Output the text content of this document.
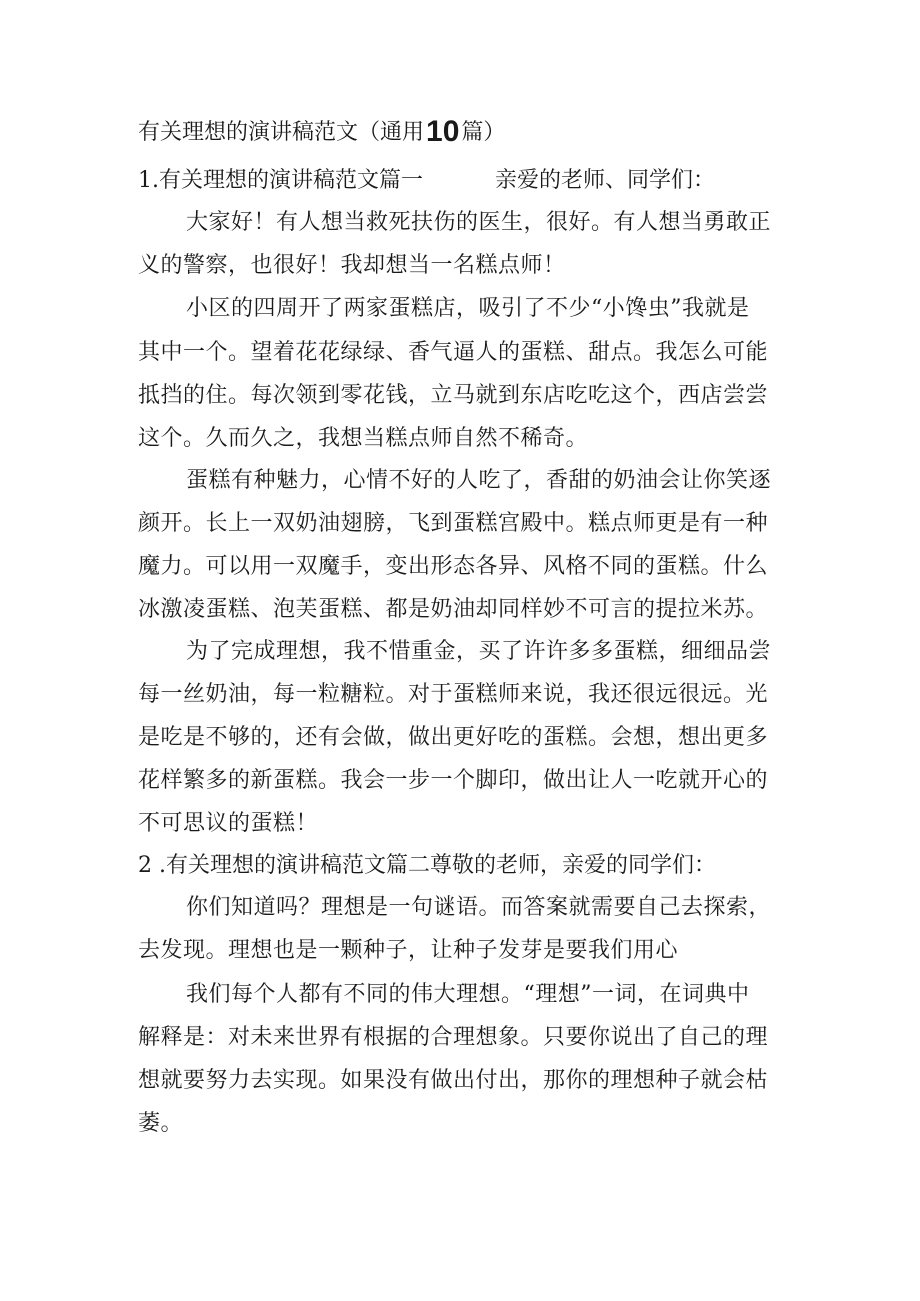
有关理想的演讲稿范文（通用10篇）
1.有关理想的演讲稿范文篇一	亲爱的老师、同学们：
大家好！有人想当救死扶伤的医生，很好。有人想当勇敢正
义的警察，也很好！我却想当一名糕点师！
小区的四周开了两家蛋糕店，吸引了不少“小馋虫”我就是
其中一个。望着花花绿绿、香气逼人的蛋糕、甜点。我怎么可能
抵挡的住。每次领到零花钱，立马就到东店吃吃这个，西店尝尝
这个。久而久之，我想当糕点师自然不稀奇。
蛋糕有种魅力，心情不好的人吃了，香甜的奶油会让你笑逐
颜开。长上一双奶油翅膀，飞到蛋糕宫殿中。糕点师更是有一种
魔力。可以用一双魔手，变出形态各异、风格不同的蛋糕。什么
冰激凌蛋糕、泡芙蛋糕、都是奶油却同样妙不可言的提拉米苏。
为了完成理想，我不惜重金，买了许许多多蛋糕，细细品尝
每一丝奶油，每一粒糖粒。对于蛋糕师来说，我还很远很远。光
是吃是不够的，还有会做，做出更好吃的蛋糕。会想，想出更多
花样繁多的新蛋糕。我会一步一个脚印，做出让人一吃就开心的
不可思议的蛋糕！
2 .有关理想的演讲稿范文篇二尊敬的老师，亲爱的同学们：
你们知道吗？理想是一句谜语。而答案就需要自己去探索，
去发现。理想也是一颗种子，让种子发芽是要我们用心
我们每个人都有不同的伟大理想。“理想”一词，在词典中
解释是：对未来世界有根据的合理想象。只要你说出了自己的理
想就要努力去实现。如果没有做出付出，那你的理想种子就会枯
萎。
